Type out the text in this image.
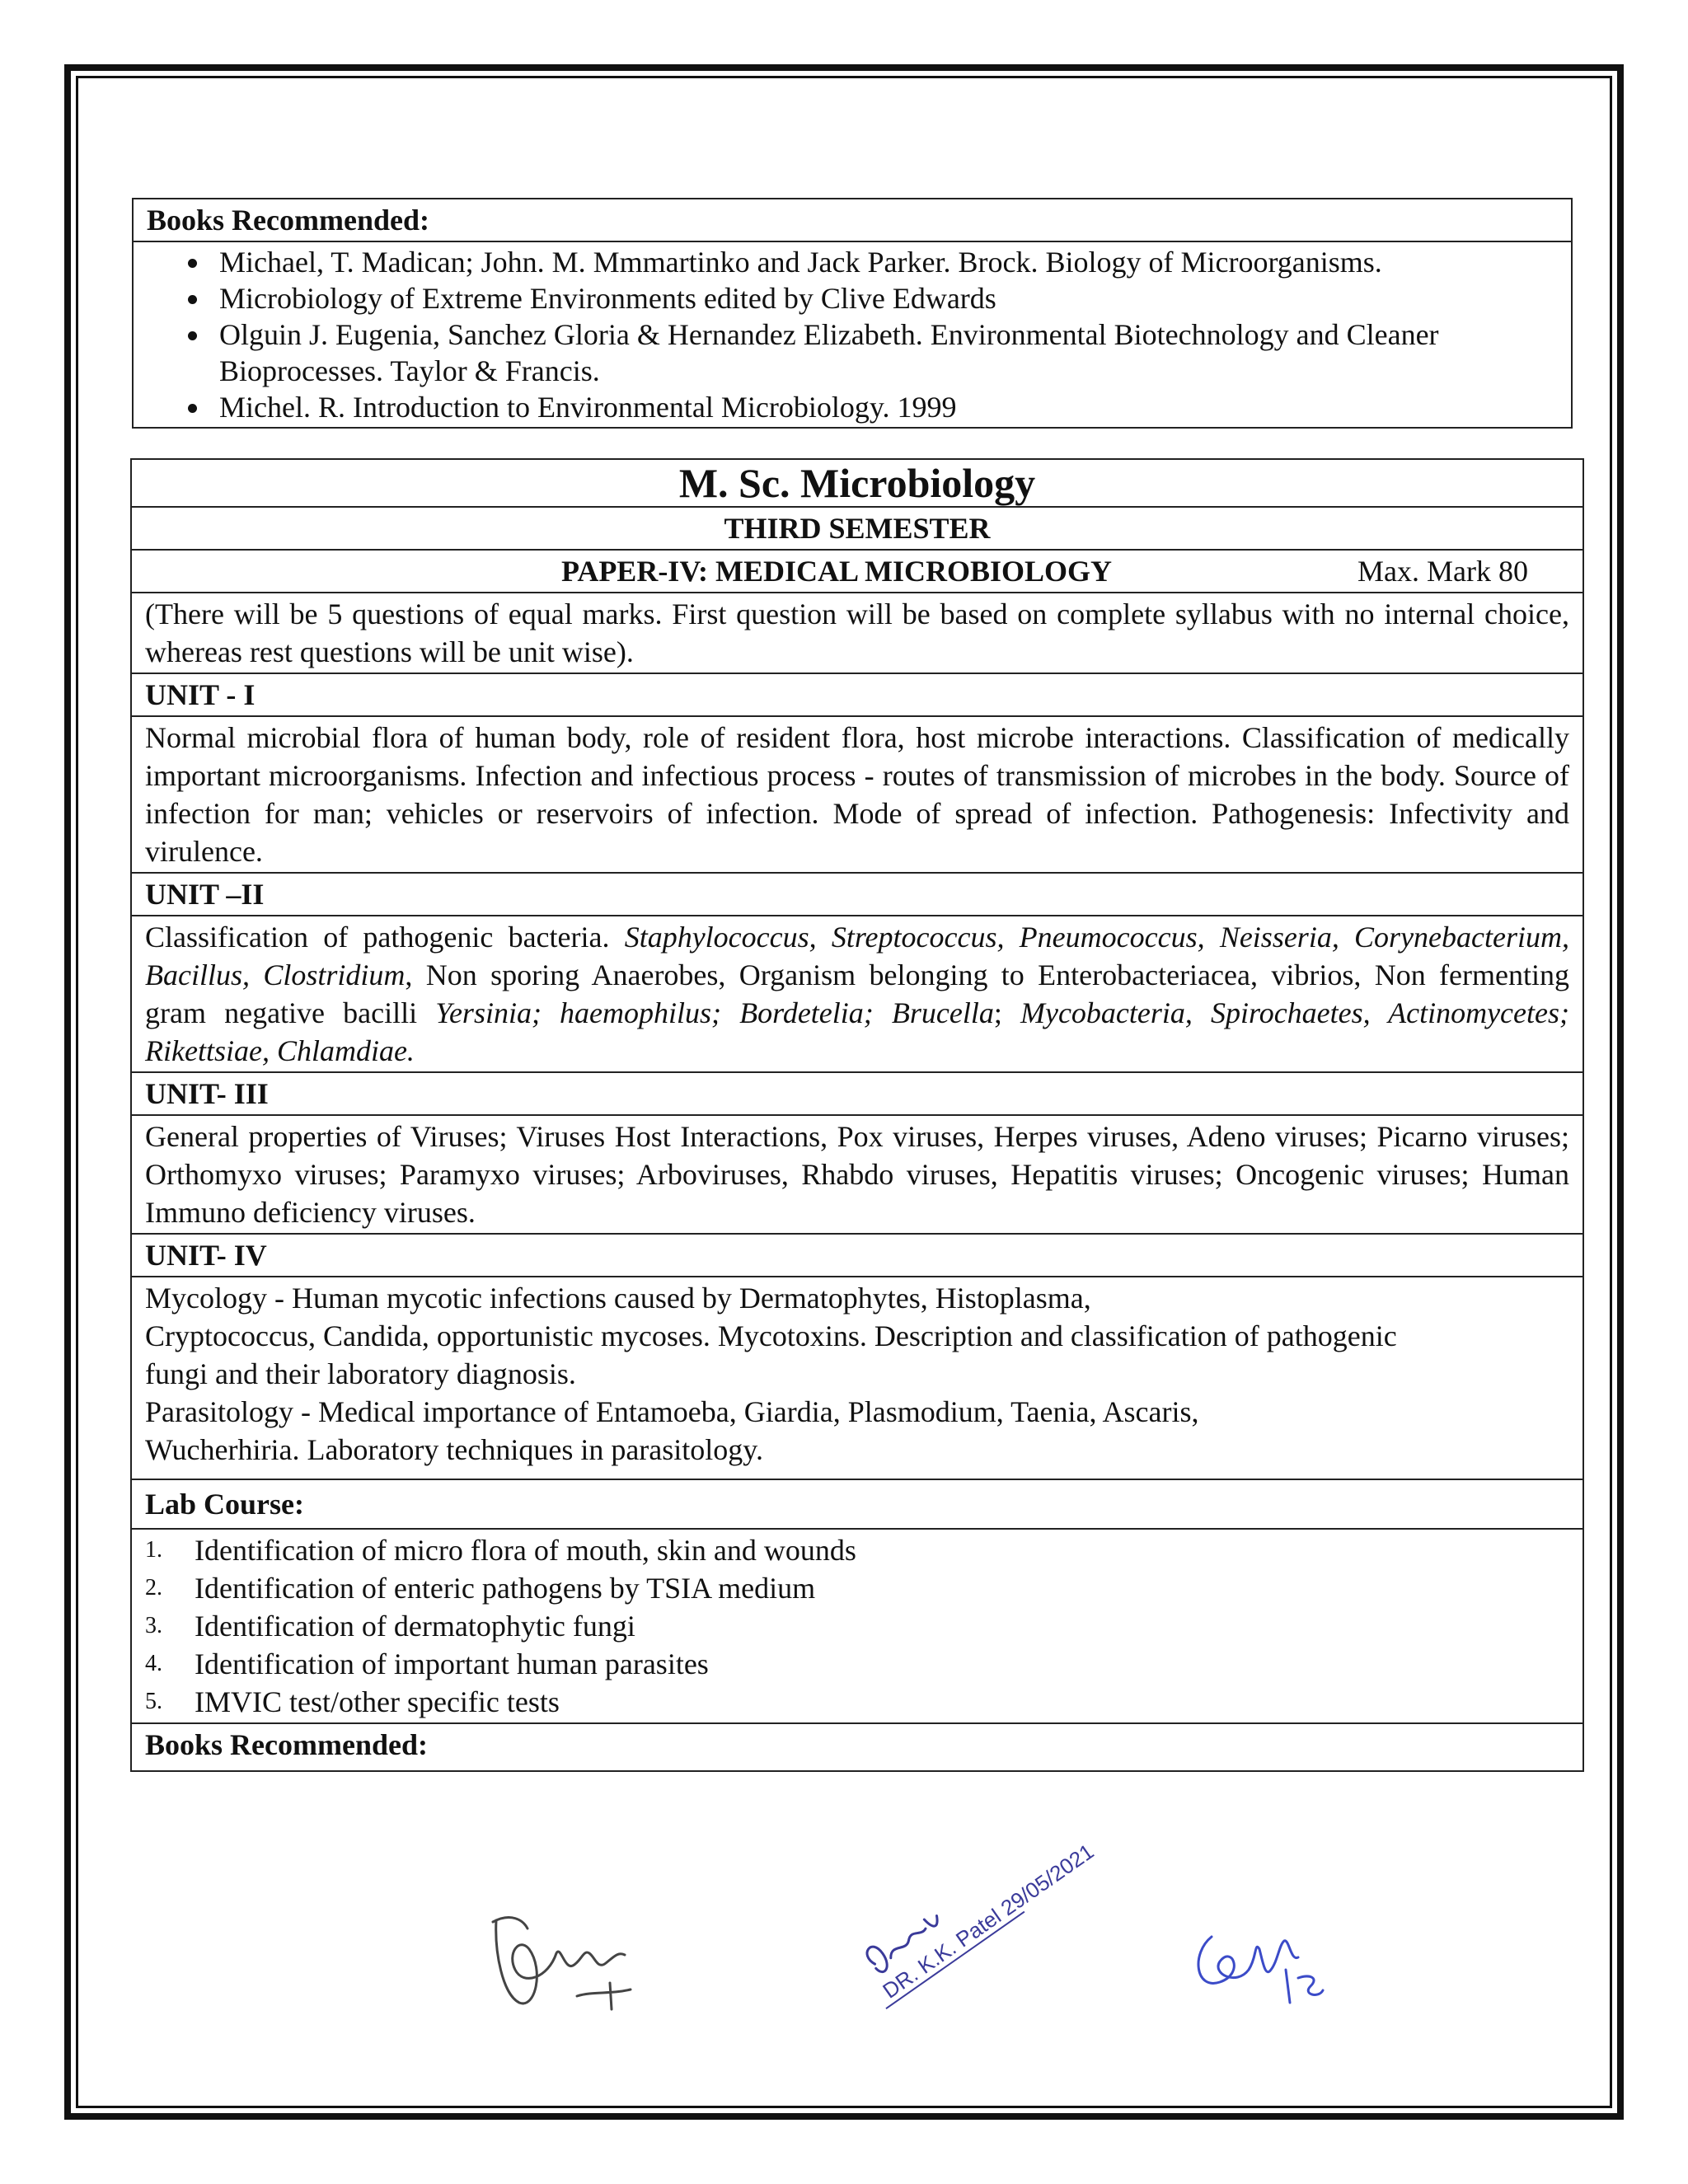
Books Recommended:

• Michael, T. Madican; John. M. Mmmartinko and Jack Parker. Brock. Biology of Microorganisms.
• Microbiology of Extreme Environments edited by Clive Edwards
• Olguin J. Eugenia, Sanchez Gloria & Hernandez Elizabeth. Environmental Biotechnology and Cleaner Bioprocesses. Taylor & Francis.
• Michel. R. Introduction to Environmental Microbiology. 1999
M. Sc. Microbiology
THIRD SEMESTER

PAPER-IV: MEDICAL MICROBIOLOGY	Max. Mark 80

(There will be 5 questions of equal marks. First question will be based on complete syllabus with no internal choice, whereas rest questions will be unit wise).
UNIT - I
Normal microbial flora of human body, role of resident flora, host microbe interactions. Classification of medically important microorganisms. Infection and infectious process - routes of transmission of microbes in the body. Source of infection for man; vehicles or reservoirs of infection. Mode of spread of infection. Pathogenesis: Infectivity and virulence.
UNIT –II
Classification of pathogenic bacteria. Staphylococcus, Streptococcus, Pneumococcus, Neisseria, Corynebacterium, Bacillus, Clostridium, Non sporing Anaerobes, Organism belonging to Enterobacteriacea, vibrios, Non fermenting gram negative bacilli Yersinia; haemophilus; Bordetelia; Brucella; Mycobacteria, Spirochaetes, Actinomycetes; Rikettsiae, Chlamdiae.
UNIT- III
General properties of Viruses; Viruses Host Interactions, Pox viruses, Herpes viruses, Adeno viruses; Picarno viruses; Orthomyxo viruses; Paramyxo viruses; Arboviruses, Rhabdo viruses, Hepatitis viruses; Oncogenic viruses; Human Immuno deficiency viruses.
UNIT- IV

Mycology - Human mycotic infections caused by Dermatophytes, Histoplasma,
Cryptococcus, Candida, opportunistic mycoses. Mycotoxins. Description and classification of pathogenic
fungi and their laboratory diagnosis.
Parasitology - Medical importance of Entamoeba, Giardia, Plasmodium, Taenia, Ascaris,
Wucherhiria. Laboratory techniques in parasitology.

Lab Course:

1.	Identification of micro flora of mouth, skin and wounds
2.	Identification of enteric pathogens by TSIA medium
3.	Identification of dermatophytic fungi
4.	Identification of important human parasites
5.	IMVIC test/other specific tests

Books Recommended:
DR. K.K. Patel 29/05/2021
